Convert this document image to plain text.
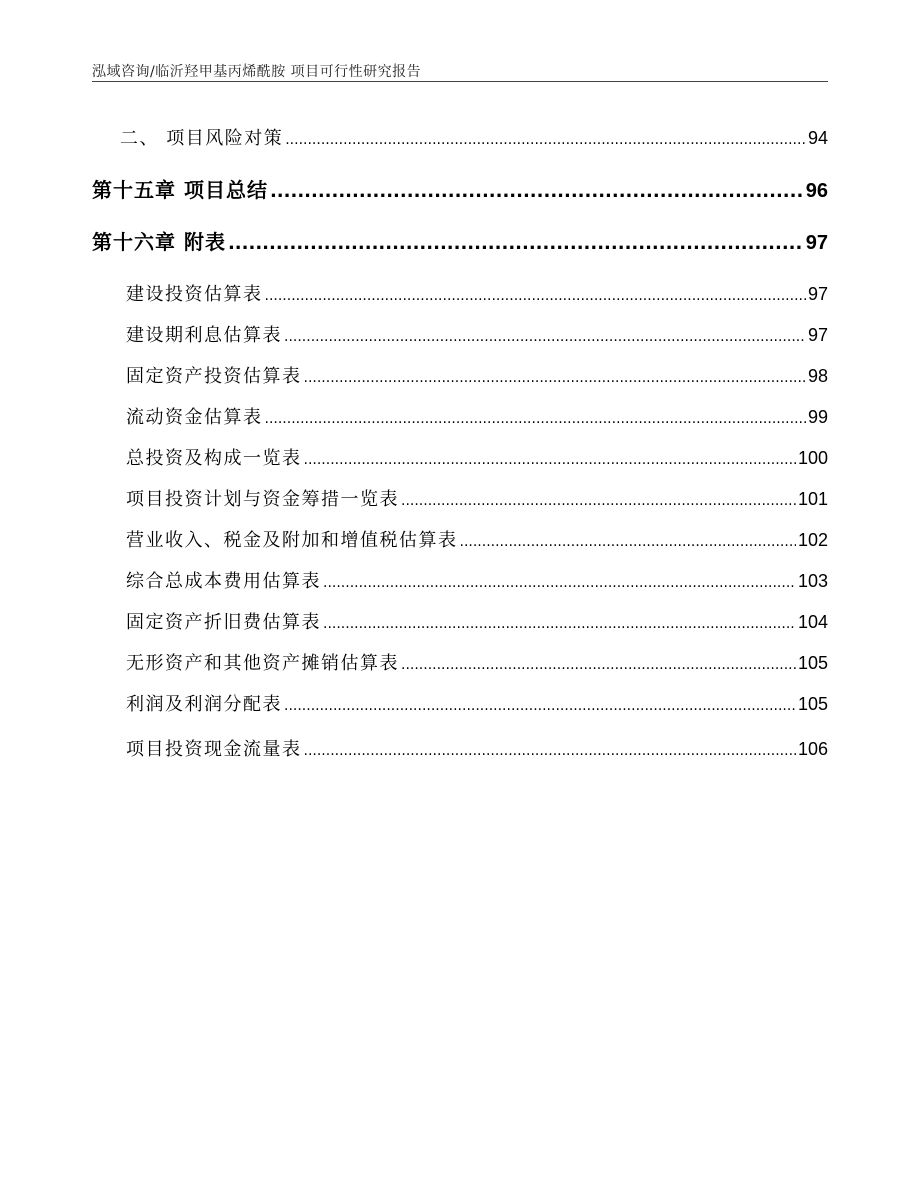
泓域咨询/临沂羟甲基丙烯酰胺 项目可行性研究报告
二、 项目风险对策 .....	94
第十五章 项目总结 .....	96
第十六章 附表 .....	97
建设投资估算表 .....	97
建设期利息估算表 .....	97
固定资产投资估算表 .....	98
流动资金估算表 .....	99
总投资及构成一览表 .....	100
项目投资计划与资金筹措一览表 .....	101
营业收入、税金及附加和增值税估算表 .....	102
综合总成本费用估算表 .....	103
固定资产折旧费估算表 .....	104
无形资产和其他资产摊销估算表 .....	105
利润及利润分配表 .....	105
项目投资现金流量表 .....	106
